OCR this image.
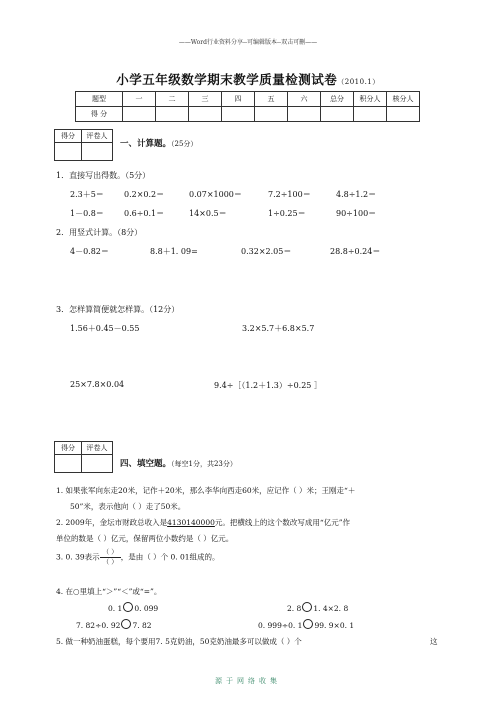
——Word行业资料分享--可编辑版本--双击可删——
小学五年级数学期末教学质量检测试卷（2010.1）
题型	一	二	三	四	五	六	总分	积分人	核分人
得 分									
得分	评卷人

一、计算题。（25分）
1．直接写出得数。（5分）
2.3＋5＝	0.2×0.2＝	0.07×1000＝	7.2÷100＝	4.8÷1.2＝
1－0.8＝	0.6÷0.1＝	14×0.5＝	1÷0.25＝	90÷100＝
2．用竖式计算。（8分）
4－0.82＝	8.8＋1. 09=	0.32×2.05＝	28.8÷0.24＝
3．怎样算简便就怎样算。（12分）
1.56＋0.45－0.55	3.2×5.7＋6.8×5.7
25×7.8×0.04	9.4÷［（1.2＋1.3）÷0.25 ］
得分	评卷人

四、填空题。（每空1分，共23分）
1. 如果张军向东走20米，记作＋20米，那么李华向西走60米，应记作（ ）米；王刚走“＋
50”米，表示他向（ ）走了50米。
2. 2009年，金坛市财政总收入是4130140000元。把横线上的这个数改写成用“亿元”作
单位的数是（ ）亿元，保留两位小数约是（ ）亿元。
3. 0. 39表示 $\frac{( )}{( )}$ ，是由（ ）个 0. 01组成的。
4. 在○里填上“＞”“＜”或“=”。
0. 1 0. 099	2. 8 1. 4×2. 8
7. 82÷0. 92 7. 82	0. 999÷0. 1 99. 9×0. 1
5. 做一种奶油蛋糕，每个要用7. 5克奶油，50克奶油最多可以做成（ ）个	这
源于网络收集
